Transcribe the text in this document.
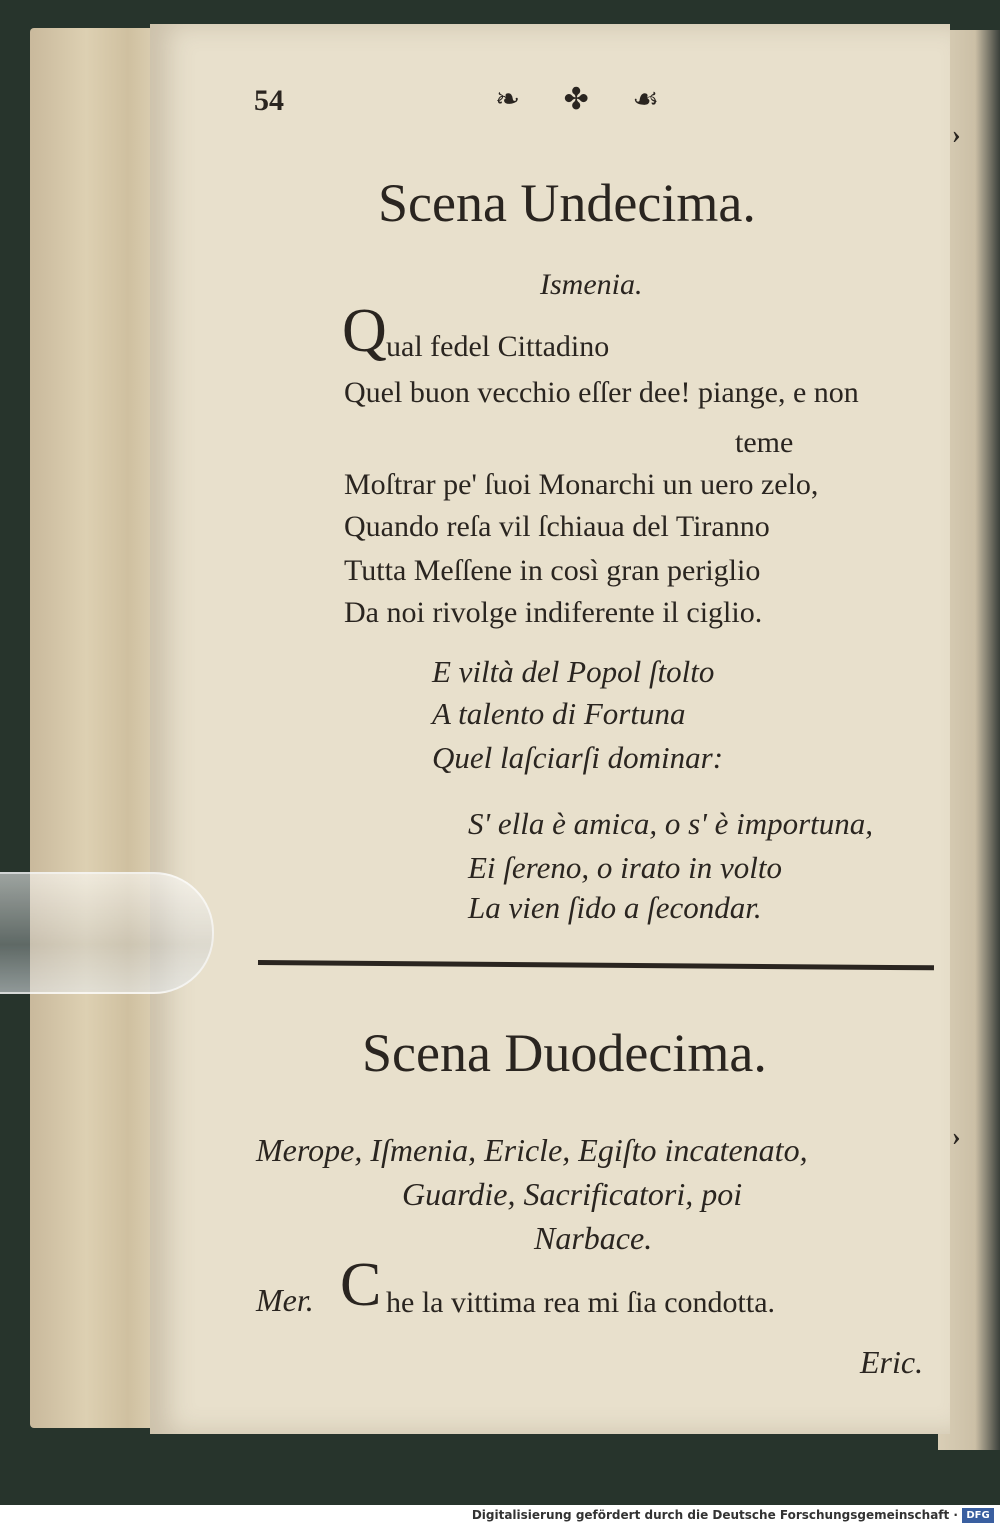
54	❧ ✤ ☙
Scena Undecima.
Ismenia.
Q ual fedel Cittadino
Quel buon vecchio eſſer dee! piange, e non
teme
Moſtrar pe' ſuoi Monarchi un uero zelo,
Quando reſa vil ſchiaua del Tiranno
Tutta Meſſene in così gran periglio
Da noi rivolge indiferente il ciglio.
E viltà del Popol ſtolto
A talento di Fortuna
Quel laſciarſi dominar:
S' ella è amica, o s' è importuna,
Ei ſereno, o irato in volto
La vien ſido a ſecondar.
Scena Duodecima.
Merope, Iſmenia, Ericle, Egiſto incatenato,
Guardie, Sacrificatori, poi
Narbace.
Mer. C he la vittima rea mi ſia condotta.
Eric.
›
›
Digitalisierung gefördert durch die Deutsche Forschungsgemeinschaft · DFG
